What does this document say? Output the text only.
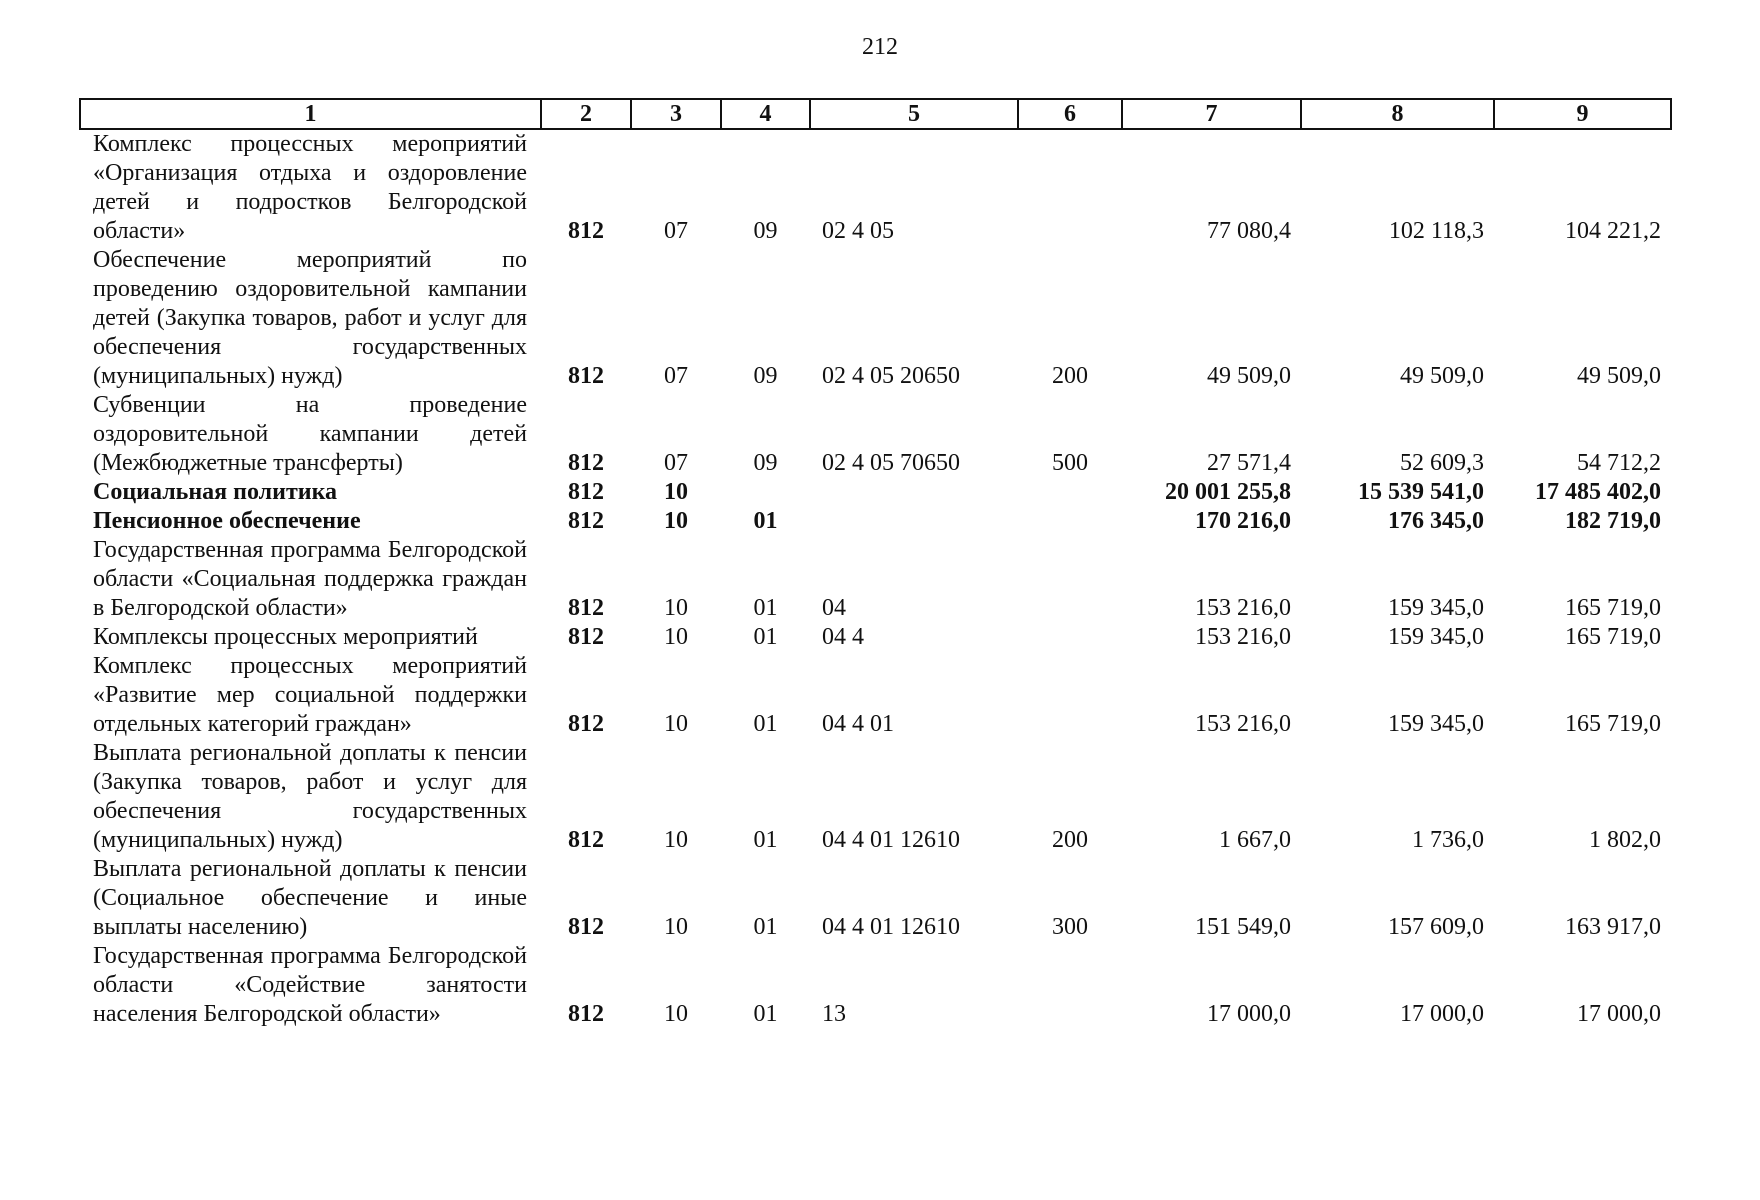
212
1	2	3	4	5	6	7	8	9
Комплекс процессных мероприятий «Организация отдыха и оздоровление детей и подростков Белгородской области»	812	07	09	02 4 05		77 080,4	102 118,3	104 221,2
Обеспечение мероприятий по проведению оздоровительной кампании детей (Закупка товаров, работ и услуг для обеспечения государственных (муниципальных) нужд)	812	07	09	02 4 05 20650	200	49 509,0	49 509,0	49 509,0
Субвенции на проведение оздоровительной кампании детей (Межбюджетные трансферты)	812	07	09	02 4 05 70650	500	27 571,4	52 609,3	54 712,2
Социальная политика	812	10				20 001 255,8	15 539 541,0	17 485 402,0
Пенсионное обеспечение	812	10	01			170 216,0	176 345,0	182 719,0
Государственная программа Белгородской области «Социальная поддержка граждан в Белгородской области»	812	10	01	04		153 216,0	159 345,0	165 719,0
Комплексы процессных мероприятий	812	10	01	04 4		153 216,0	159 345,0	165 719,0
Комплекс процессных мероприятий «Развитие мер социальной поддержки отдельных категорий граждан»	812	10	01	04 4 01		153 216,0	159 345,0	165 719,0
Выплата региональной доплаты к пенсии (Закупка товаров, работ и услуг для обеспечения государственных (муниципальных) нужд)	812	10	01	04 4 01 12610	200	1 667,0	1 736,0	1 802,0
Выплата региональной доплаты к пенсии (Социальное обеспечение и иные выплаты населению)	812	10	01	04 4 01 12610	300	151 549,0	157 609,0	163 917,0
Государственная программа Белгородской области «Содействие занятости населения Белгородской области»	812	10	01	13		17 000,0	17 000,0	17 000,0
